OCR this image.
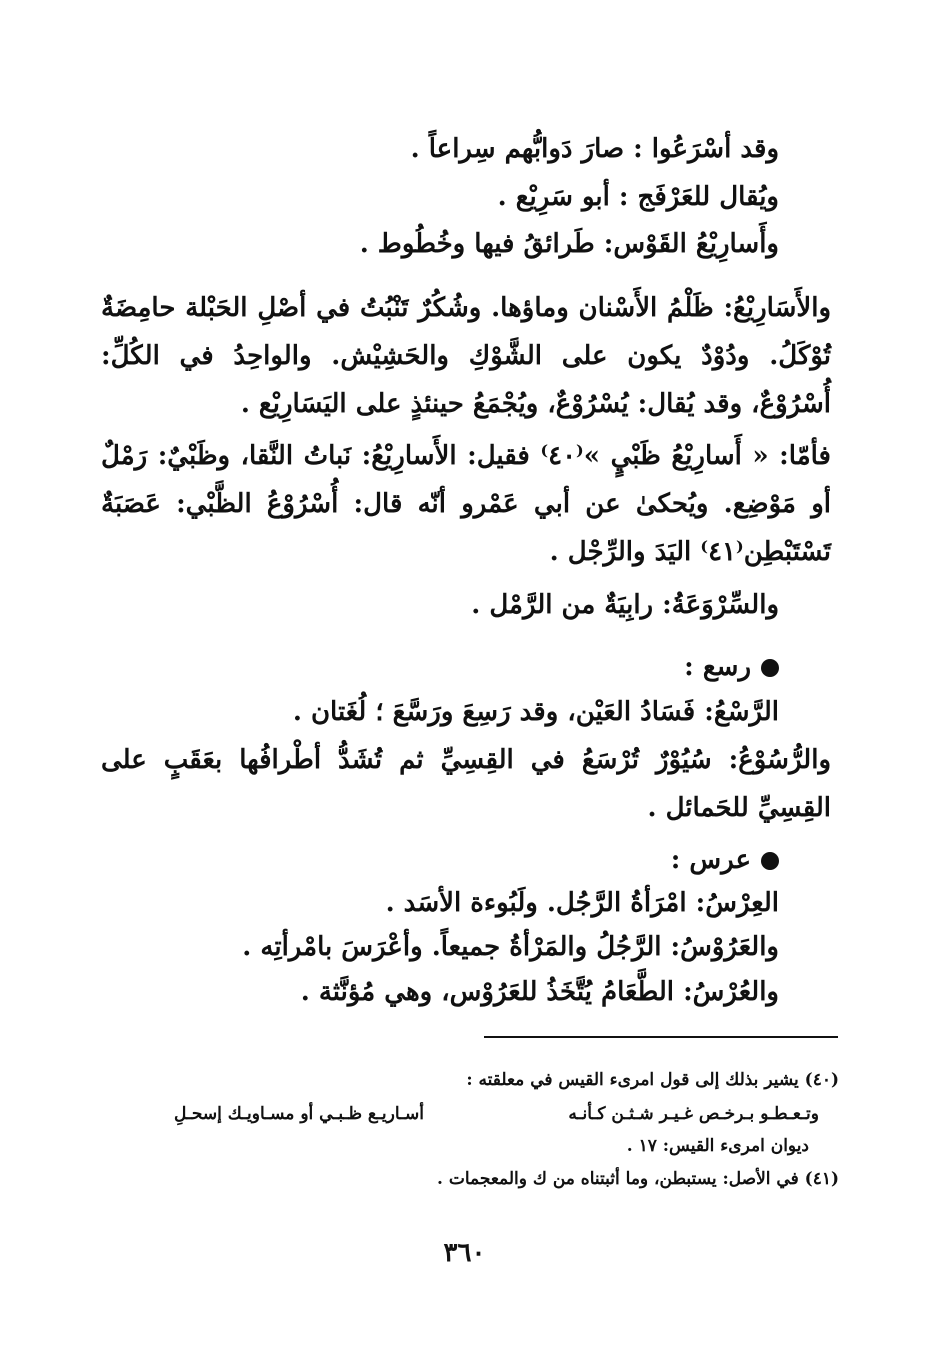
وقد أسْرَعُوا : صارَ دَوابُّهم سِراعاً .
ويُقال للعَرْفَج : أبو سَرِيْع .
وأَسارِيْعُ القَوْس: طَرائقُ فيها وخُطُوط .
والأَسَارِيْعُ: ظَلْمُ الأَسْنان وماؤها. وشُكُرٌ تَنْبُتُ في أصْلِ الحَبْلة حامِضَةٌ تُوْكَلُ. ودُوْدٌ يكون على الشَّوْكِ والحَشِيْش. والواحِدُ في الكُلِّ: أُسْرُوْعٌ، وقد يُقال: يُسْرُوْعٌ، ويُجْمَعُ حينئذٍ على اليَسَارِيْع .
فأمّا: « أَسارِيْعُ ظَبْيٍ »⁽٤٠⁾ فقيل: الأَسارِيْعُ: نَباتُ النَّقا، وظَبْيٌ: رَمْلٌ أو مَوْضِع. ويُحكىٰ عن أبي عَمْرو أنّه قال: أُسْرُوْعُ الظَّبْي: عَصَبَةٌ تَسْتَبْطِن⁽٤١⁾ اليَدَ والرِّجْل .
والسِّرْوَعَةُ: رابِيَةٌ من الرَّمْل .
رسع :
الرَّسْعُ: فَسَادُ العَيْن، وقد رَسِعَ ورَسَّعَ ؛ لُغَتان .
والرُّسُوْعُ: سُيُوْرٌ تُرْسَعُ في القِسِيِّ ثم تُشَدُّ أطْرافُها بعَقَبٍ على القِسِيِّ للحَمائل .
عرس :
العِرْسُ: امْرَأةُ الرَّجُل. ولَبُوءة الأسَد .
والعَرُوْسُ: الرَّجُلُ والمَرْأةُ جميعاً. وأعْرَسَ بامْرأتِه .
والعُرْسُ: الطَّعَامُ يُتَّخَذُ للعَرُوْس، وهي مُؤنَّثة .
(٤٠) يشير بذلك إلى قول امرىء القيس في معلقته :
وتـعـطـو بـرخـص غـيـر شـثـن كـأنـه
أسـاريـع ظـبـي أو مسـاويـك إسحـلِ
ديوان امرىء القيس: ١٧ .
(٤١) في الأصل: يستبطن، وما أثبتناه من ك والمعجمات .
٣٦٠
